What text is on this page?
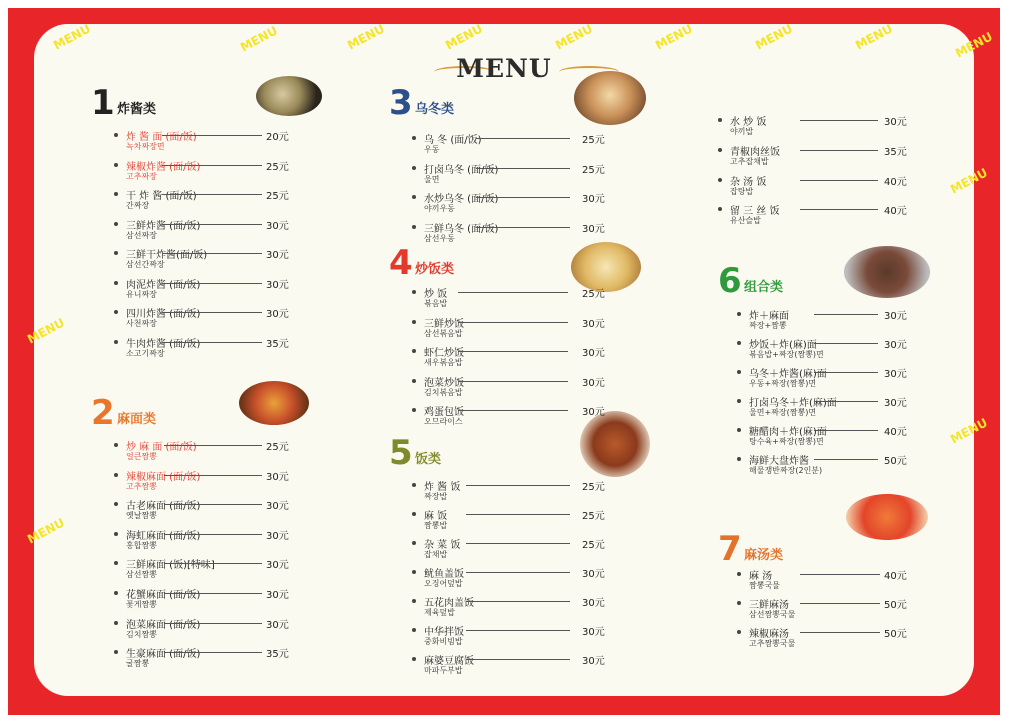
MENU
MENU	MENU	MENU	MENU	MENU	MENU	MENU	MENU	MENU
MENU
MENU
MENU
MENU
1 炸酱类
炸 酱 面 (面/饭)
녹차짜장면
20元
辣椒炸酱 (面/饭)
고추짜장
25元
干 炸 酱 (面/饭)
간짜장
25元
三鲜炸酱 (面/饭)
삼선짜장
30元
三鲜干炸酱(面/饭)
삼선간짜장
30元
肉泥炸酱 (面/饭)
유니짜장
30元
四川炸酱 (面/饭)
사천짜장
30元
牛肉炸酱 (面/饭)
소고기짜장
35元
2 麻面类
炒 麻 面 (面/饭)
얼큰짬뽕
25元
辣椒麻面 (面/饭)
고추짬뽕
30元
古老麻面 (面/饭)
옛날짬뽕
30元
海虹麻面 (面/饭)
홍합짬뽕
30元
三鲜麻面 (饭)[特味]
삼선짬뽕
30元
花蟹麻面 (面/饭)
꽃게짬뽕
30元
泡菜麻面 (面/饭)
김치짬뽕
30元
生豪麻面 (面/饭)
굴짬뽕
35元
3 乌冬类
乌 冬 (面/饭)
우동
25元
打卤乌冬 (面/饭)
울면
25元
水炒乌冬 (面/饭)
야끼우동
30元
三鲜乌冬 (面/饭)
삼선우동
30元
4 炒饭类
炒 饭
볶음밥
25元
三鲜炒饭
삼선볶음밥
30元
虾仁炒饭
새우볶음밥
30元
泡菜炒饭
김치볶음밥
30元
鸡蛋包饭
오므라이스
30元
5 饭类
炸 酱 饭
짜장밥
25元
麻 饭
짬뽕밥
25元
杂 菜 饭
잡채밥
25元
鱿鱼盖饭
오징어덮밥
30元
五花肉盖饭
제육덮밥
30元
中华拌饭
중화비빔밥
30元
麻婆豆腐饭
마파두부밥
30元
水 炒 饭
야끼밥
30元
青椒肉丝饭
고추잡채밥
35元
杂 汤 饭
잡탕밥
40元
留 三 丝 饭
유산슬밥
40元
6 组合类
炸＋麻面
짜장+짬뽕
30元
炒饭＋炸(麻)面
볶음밥+짜장(짬뽕)면
30元
乌冬＋炸酱(麻)面
우동+짜장(짬뽕)면
30元
打卤乌冬＋炸(麻)面
울면+짜장(짬뽕)면
30元
糖醋肉＋炸(麻)面
탕수육+짜장(짬뽕)면
40元
海鲜大盘炸酱
해물쟁반짜장(2인분)
50元
7 麻汤类
麻 汤
짬뽕국물
40元
三鲜麻汤
삼선짬뽕국물
50元
辣椒麻汤
고추짬뽕국물
50元
